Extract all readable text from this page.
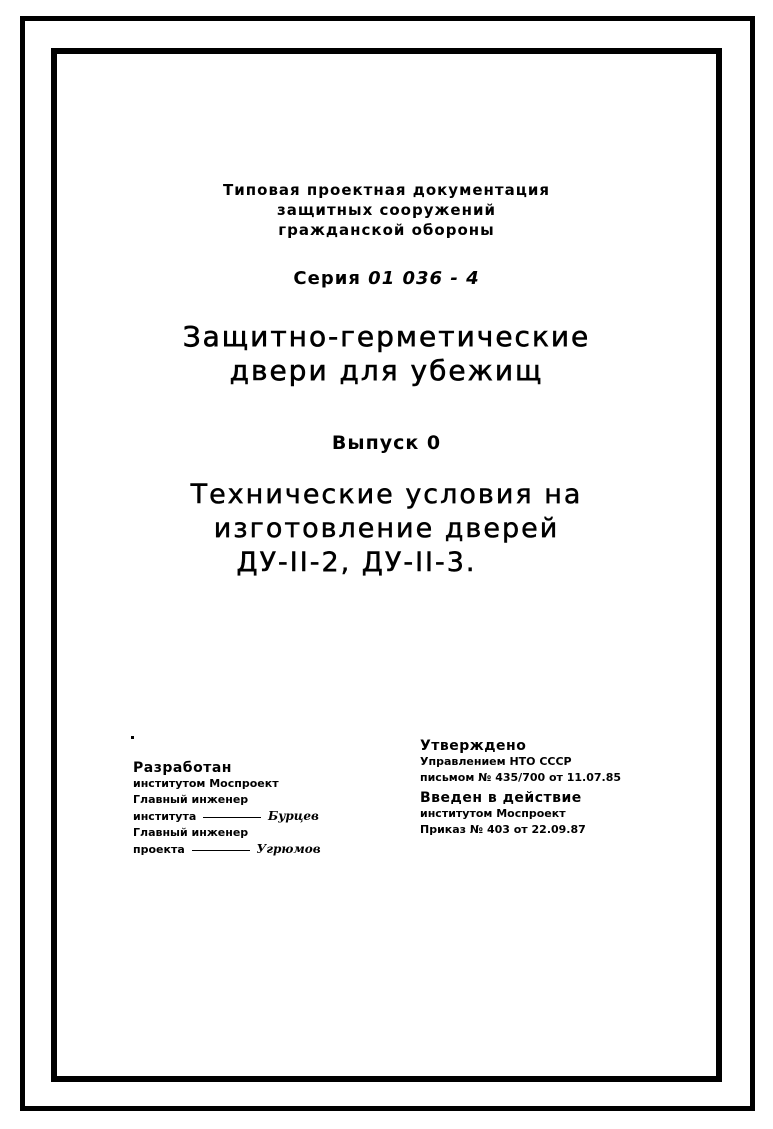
Типовая проектная документация
защитных сооружений
гражданской обороны
Серия 01 036 - 4
Защитно-герметические
двери для убежищ
Выпуск 0
Технические условия на
изготовление дверей
ДУ-II-2, ДУ-II-3.
Разработан
институтом Моспроект
Главный инженер
института	Бурцев
Главный инженер
проекта	Угрюмов
Утверждено
Управлением НТО СССР
письмом № 435/700 от 11.07.85
Введен в действие
институтом Моспроект
Приказ № 403 от 22.09.87
